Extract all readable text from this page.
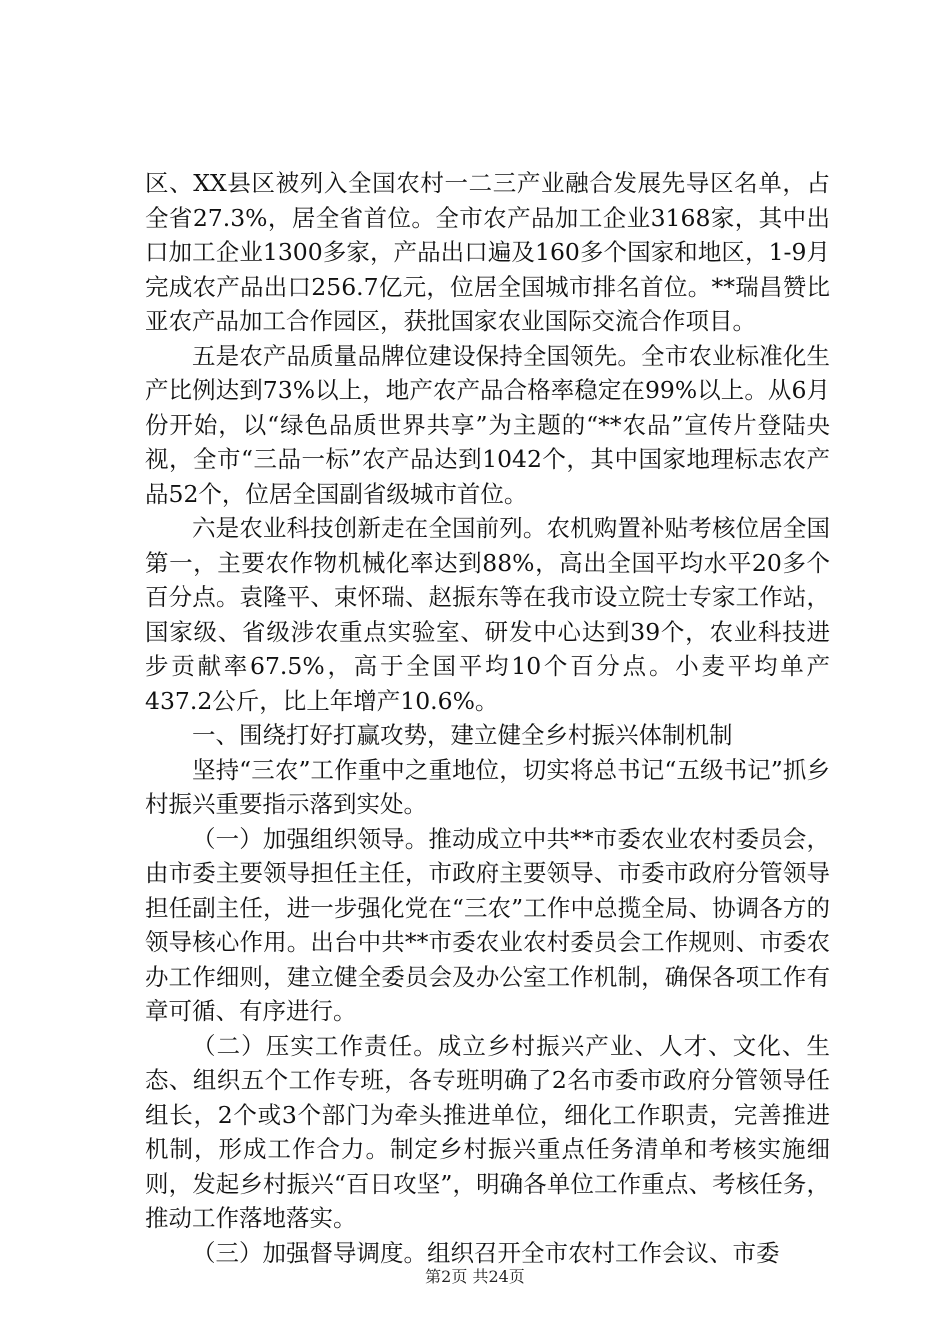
区、XX县区被列入全国农村一二三产业融合发展先导区名单，占全省27.3%，居全省首位。全市农产品加工企业3168家，其中出口加工企业1300多家，产品出口遍及160多个国家和地区，1-9月完成农产品出口256.7亿元，位居全国城市排名首位。**瑞昌赞比亚农产品加工合作园区，获批国家农业国际交流合作项目。

五是农产品质量品牌位建设保持全国领先。全市农业标准化生产比例达到73%以上，地产农产品合格率稳定在99%以上。从6月份开始，以“绿色品质世界共享”为主题的“**农品”宣传片登陆央视，全市“三品一标”农产品达到1042个，其中国家地理标志农产品52个，位居全国副省级城市首位。

六是农业科技创新走在全国前列。农机购置补贴考核位居全国第一，主要农作物机械化率达到88%，高出全国平均水平20多个百分点。袁隆平、束怀瑞、赵振东等在我市设立院士专家工作站，国家级、省级涉农重点实验室、研发中心达到39个，农业科技进步贡献率67.5%，高于全国平均10个百分点。小麦平均单产437.2公斤，比上年增产10.6%。

一、围绕打好打赢攻势，建立健全乡村振兴体制机制

坚持“三农”工作重中之重地位，切实将总书记“五级书记”抓乡村振兴重要指示落到实处。

（一）加强组织领导。推动成立中共**市委农业农村委员会，由市委主要领导担任主任，市政府主要领导、市委市政府分管领导担任副主任，进一步强化党在“三农”工作中总揽全局、协调各方的领导核心作用。出台中共**市委农业农村委员会工作规则、市委农办工作细则，建立健全委员会及办公室工作机制，确保各项工作有章可循、有序进行。

（二）压实工作责任。成立乡村振兴产业、人才、文化、生态、组织五个工作专班，各专班明确了2名市委市政府分管领导任组长，2个或3个部门为牵头推进单位，细化工作职责，完善推进机制，形成工作合力。制定乡村振兴重点任务清单和考核实施细则，发起乡村振兴“百日攻坚”，明确各单位工作重点、考核任务，推动工作落地落实。

（三）加强督导调度。组织召开全市农村工作会议、市委

第2页 共24页
